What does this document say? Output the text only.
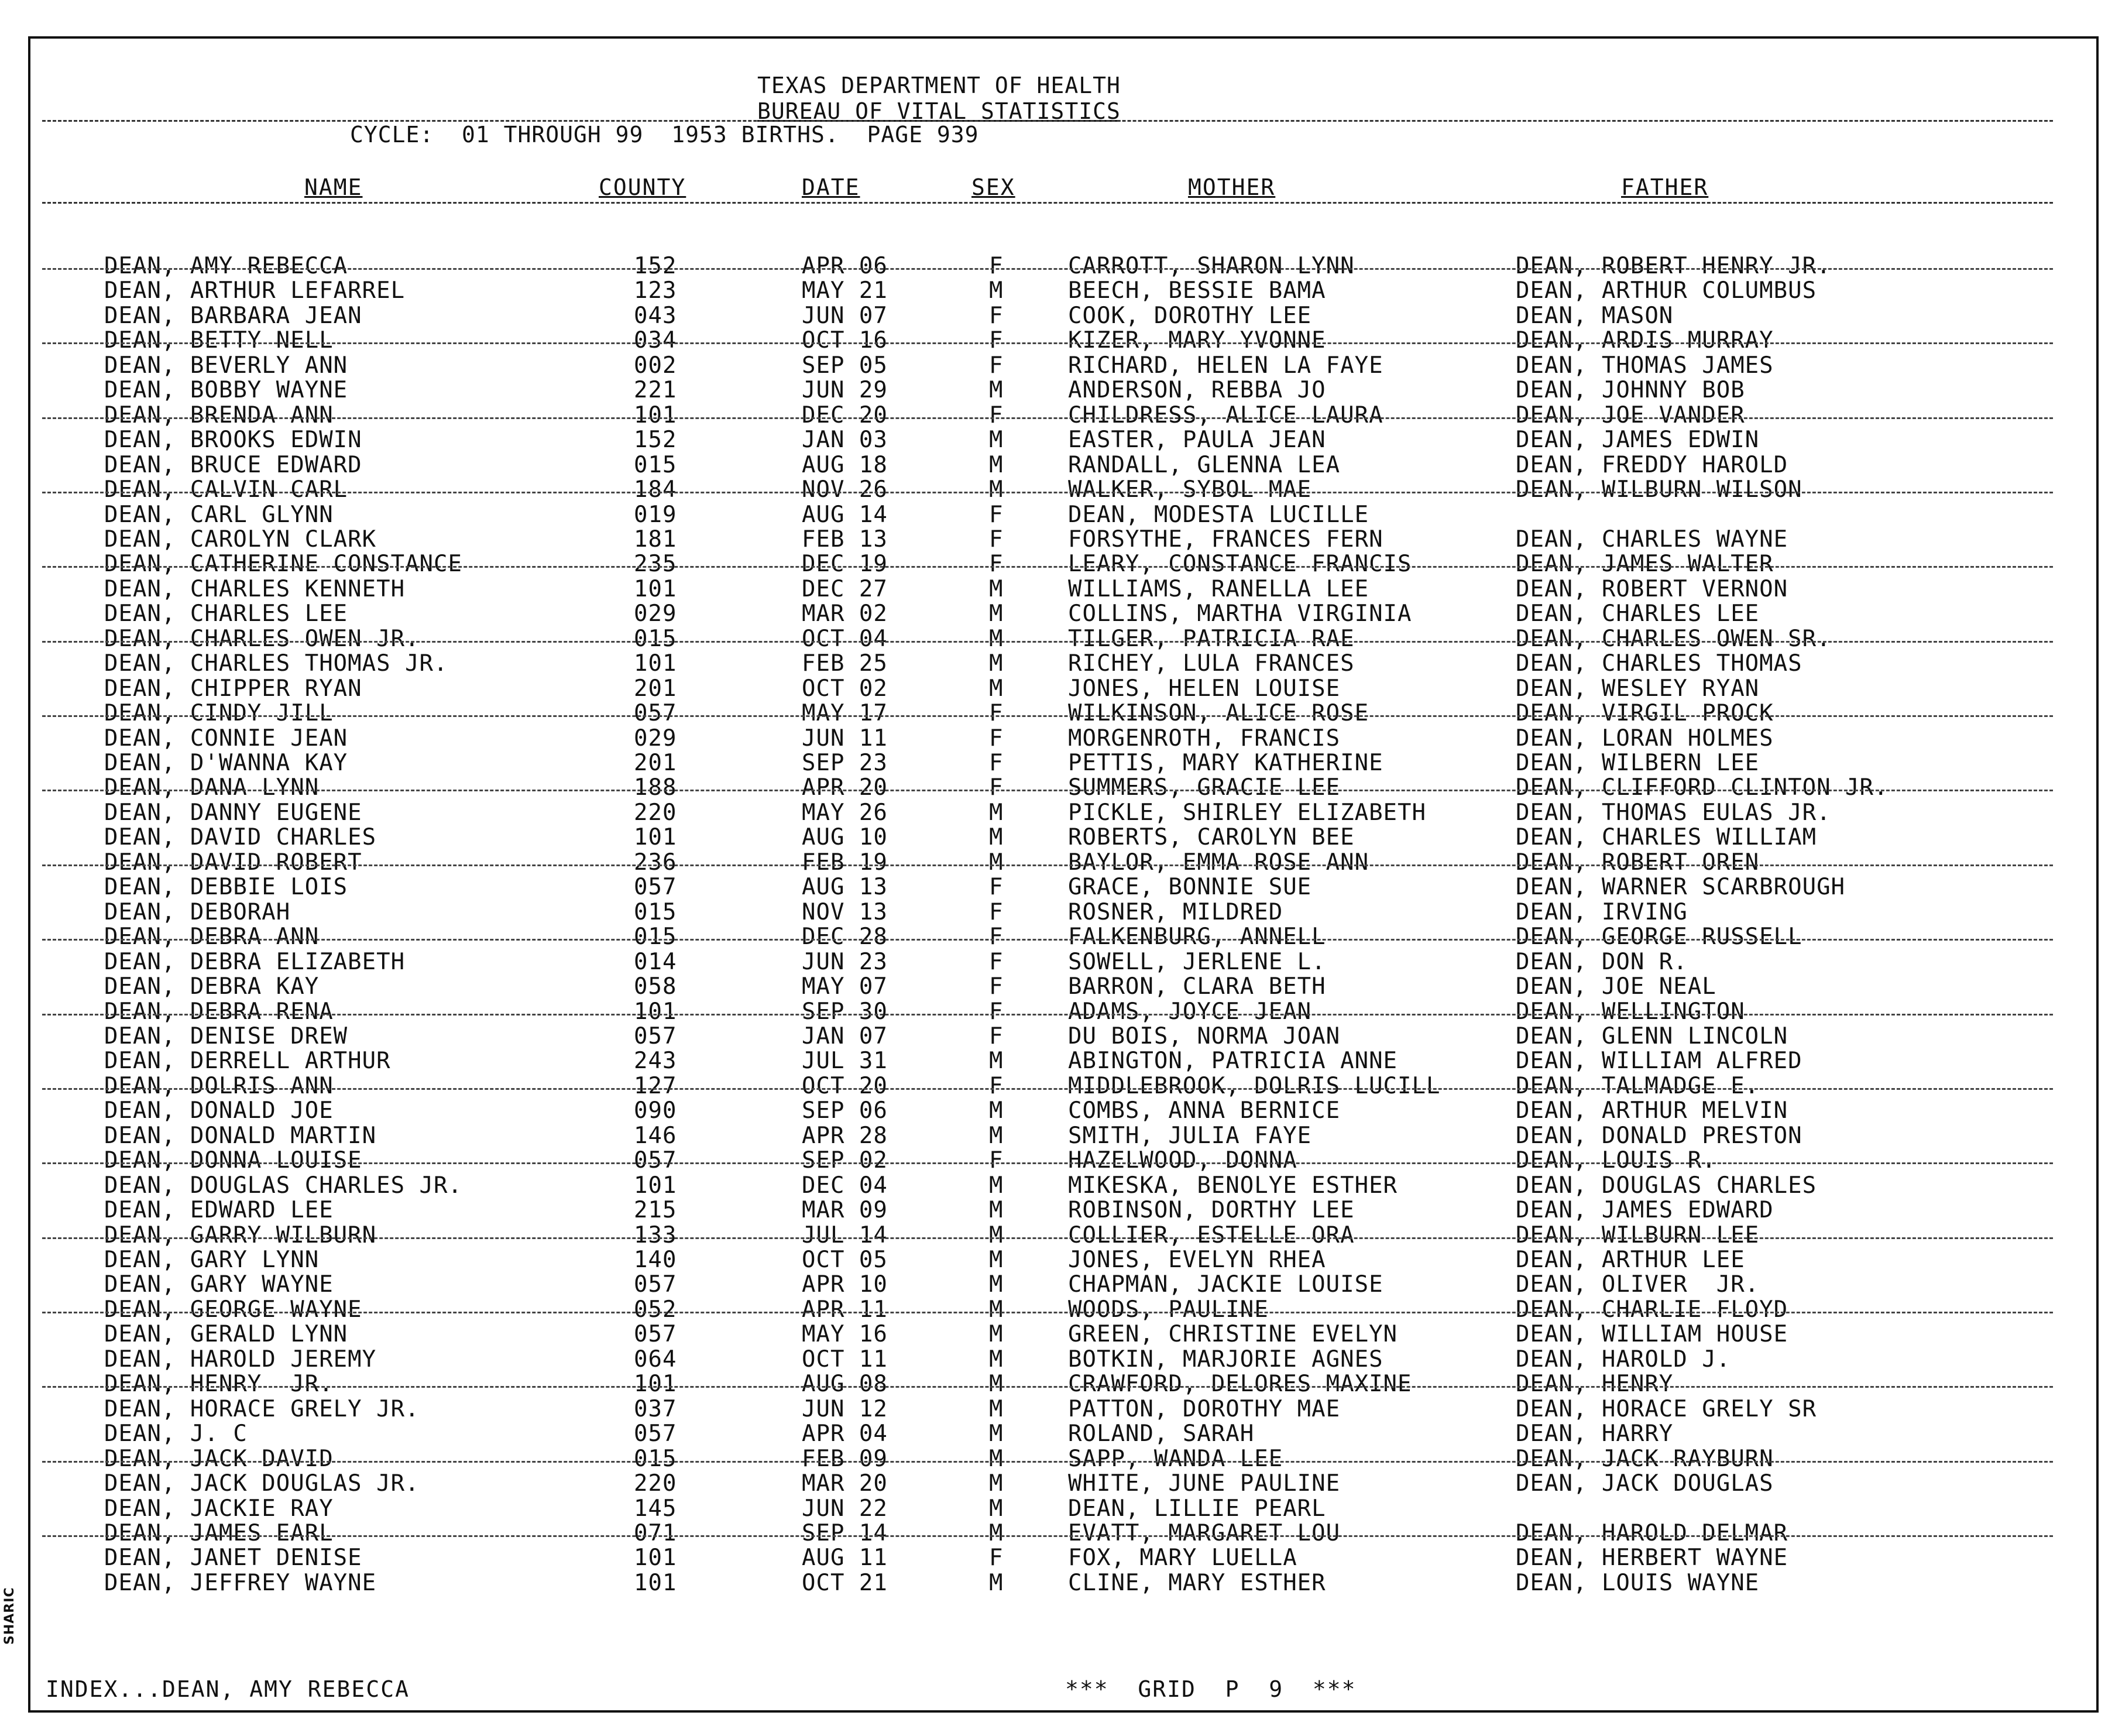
SHARIC
TEXAS DEPARTMENT OF HEALTH
BUREAU OF VITAL STATISTICS
CYCLE:  01 THROUGH 99  1953 BIRTHS.  PAGE 939
NAME	COUNTY	DATE	SEX	MOTHER	FATHER
DEAN, AMY REBECCA	152	APR 06	F	CARROTT, SHARON LYNN	DEAN, ROBERT HENRY JR.
DEAN, ARTHUR LEFARREL	123	MAY 21	M	BEECH, BESSIE BAMA	DEAN, ARTHUR COLUMBUS
DEAN, BARBARA JEAN	043	JUN 07	F	COOK, DOROTHY LEE	DEAN, MASON
DEAN, BETTY NELL	034	OCT 16	F	KIZER, MARY YVONNE	DEAN, ARDIS MURRAY
DEAN, BEVERLY ANN	002	SEP 05	F	RICHARD, HELEN LA FAYE	DEAN, THOMAS JAMES
DEAN, BOBBY WAYNE	221	JUN 29	M	ANDERSON, REBBA JO	DEAN, JOHNNY BOB
DEAN, BRENDA ANN	101	DEC 20	F	CHILDRESS, ALICE LAURA	DEAN, JOE VANDER
DEAN, BROOKS EDWIN	152	JAN 03	M	EASTER, PAULA JEAN	DEAN, JAMES EDWIN
DEAN, BRUCE EDWARD	015	AUG 18	M	RANDALL, GLENNA LEA	DEAN, FREDDY HAROLD
DEAN, CALVIN CARL	184	NOV 26	M	WALKER, SYBOL MAE	DEAN, WILBURN WILSON
DEAN, CARL GLYNN	019	AUG 14	F	DEAN, MODESTA LUCILLE
DEAN, CAROLYN CLARK	181	FEB 13	F	FORSYTHE, FRANCES FERN	DEAN, CHARLES WAYNE
DEAN, CATHERINE CONSTANCE	235	DEC 19	F	LEARY, CONSTANCE FRANCIS	DEAN, JAMES WALTER
DEAN, CHARLES KENNETH	101	DEC 27	M	WILLIAMS, RANELLA LEE	DEAN, ROBERT VERNON
DEAN, CHARLES LEE	029	MAR 02	M	COLLINS, MARTHA VIRGINIA	DEAN, CHARLES LEE
DEAN, CHARLES OWEN JR.	015	OCT 04	M	TILGER, PATRICIA RAE	DEAN, CHARLES OWEN SR.
DEAN, CHARLES THOMAS JR.	101	FEB 25	M	RICHEY, LULA FRANCES	DEAN, CHARLES THOMAS
DEAN, CHIPPER RYAN	201	OCT 02	M	JONES, HELEN LOUISE	DEAN, WESLEY RYAN
DEAN, CINDY JILL	057	MAY 17	F	WILKINSON, ALICE ROSE	DEAN, VIRGIL PROCK
DEAN, CONNIE JEAN	029	JUN 11	F	MORGENROTH, FRANCIS	DEAN, LORAN HOLMES
DEAN, D'WANNA KAY	201	SEP 23	F	PETTIS, MARY KATHERINE	DEAN, WILBERN LEE
DEAN, DANA LYNN	188	APR 20	F	SUMMERS, GRACIE LEE	DEAN, CLIFFORD CLINTON JR.
DEAN, DANNY EUGENE	220	MAY 26	M	PICKLE, SHIRLEY ELIZABETH	DEAN, THOMAS EULAS JR.
DEAN, DAVID CHARLES	101	AUG 10	M	ROBERTS, CAROLYN BEE	DEAN, CHARLES WILLIAM
DEAN, DAVID ROBERT	236	FEB 19	M	BAYLOR, EMMA ROSE ANN	DEAN, ROBERT OREN
DEAN, DEBBIE LOIS	057	AUG 13	F	GRACE, BONNIE SUE	DEAN, WARNER SCARBROUGH
DEAN, DEBORAH	015	NOV 13	F	ROSNER, MILDRED	DEAN, IRVING
DEAN, DEBRA ANN	015	DEC 28	F	FALKENBURG, ANNELL	DEAN, GEORGE RUSSELL
DEAN, DEBRA ELIZABETH	014	JUN 23	F	SOWELL, JERLENE L.	DEAN, DON R.
DEAN, DEBRA KAY	058	MAY 07	F	BARRON, CLARA BETH	DEAN, JOE NEAL
DEAN, DEBRA RENA	101	SEP 30	F	ADAMS, JOYCE JEAN	DEAN, WELLINGTON
DEAN, DENISE DREW	057	JAN 07	F	DU BOIS, NORMA JOAN	DEAN, GLENN LINCOLN
DEAN, DERRELL ARTHUR	243	JUL 31	M	ABINGTON, PATRICIA ANNE	DEAN, WILLIAM ALFRED
DEAN, DOLRIS ANN	127	OCT 20	F	MIDDLEBROOK, DOLRIS LUCILL	DEAN, TALMADGE E.
DEAN, DONALD JOE	090	SEP 06	M	COMBS, ANNA BERNICE	DEAN, ARTHUR MELVIN
DEAN, DONALD MARTIN	146	APR 28	M	SMITH, JULIA FAYE	DEAN, DONALD PRESTON
DEAN, DONNA LOUISE	057	SEP 02	F	HAZELWOOD, DONNA	DEAN, LOUIS R.
DEAN, DOUGLAS CHARLES JR.	101	DEC 04	M	MIKESKA, BENOLYE ESTHER	DEAN, DOUGLAS CHARLES
DEAN, EDWARD LEE	215	MAR 09	M	ROBINSON, DORTHY LEE	DEAN, JAMES EDWARD
DEAN, GARRY WILBURN	133	JUL 14	M	COLLIER, ESTELLE ORA	DEAN, WILBURN LEE
DEAN, GARY LYNN	140	OCT 05	M	JONES, EVELYN RHEA	DEAN, ARTHUR LEE
DEAN, GARY WAYNE	057	APR 10	M	CHAPMAN, JACKIE LOUISE	DEAN, OLIVER  JR.
DEAN, GEORGE WAYNE	052	APR 11	M	WOODS, PAULINE	DEAN, CHARLIE FLOYD
DEAN, GERALD LYNN	057	MAY 16	M	GREEN, CHRISTINE EVELYN	DEAN, WILLIAM HOUSE
DEAN, HAROLD JEREMY	064	OCT 11	M	BOTKIN, MARJORIE AGNES	DEAN, HAROLD J.
DEAN, HENRY  JR.	101	AUG 08	M	CRAWFORD, DELORES MAXINE	DEAN, HENRY
DEAN, HORACE GRELY JR.	037	JUN 12	M	PATTON, DOROTHY MAE	DEAN, HORACE GRELY SR
DEAN, J. C	057	APR 04	M	ROLAND, SARAH	DEAN, HARRY
DEAN, JACK DAVID	015	FEB 09	M	SAPP, WANDA LEE	DEAN, JACK RAYBURN
DEAN, JACK DOUGLAS JR.	220	MAR 20	M	WHITE, JUNE PAULINE	DEAN, JACK DOUGLAS
DEAN, JACKIE RAY	145	JUN 22	M	DEAN, LILLIE PEARL
DEAN, JAMES EARL	071	SEP 14	M	EVATT, MARGARET LOU	DEAN, HAROLD DELMAR
DEAN, JANET DENISE	101	AUG 11	F	FOX, MARY LUELLA	DEAN, HERBERT WAYNE
DEAN, JEFFREY WAYNE	101	OCT 21	M	CLINE, MARY ESTHER	DEAN, LOUIS WAYNE
INDEX...DEAN, AMY REBECCA	***  GRID  P  9  ***
